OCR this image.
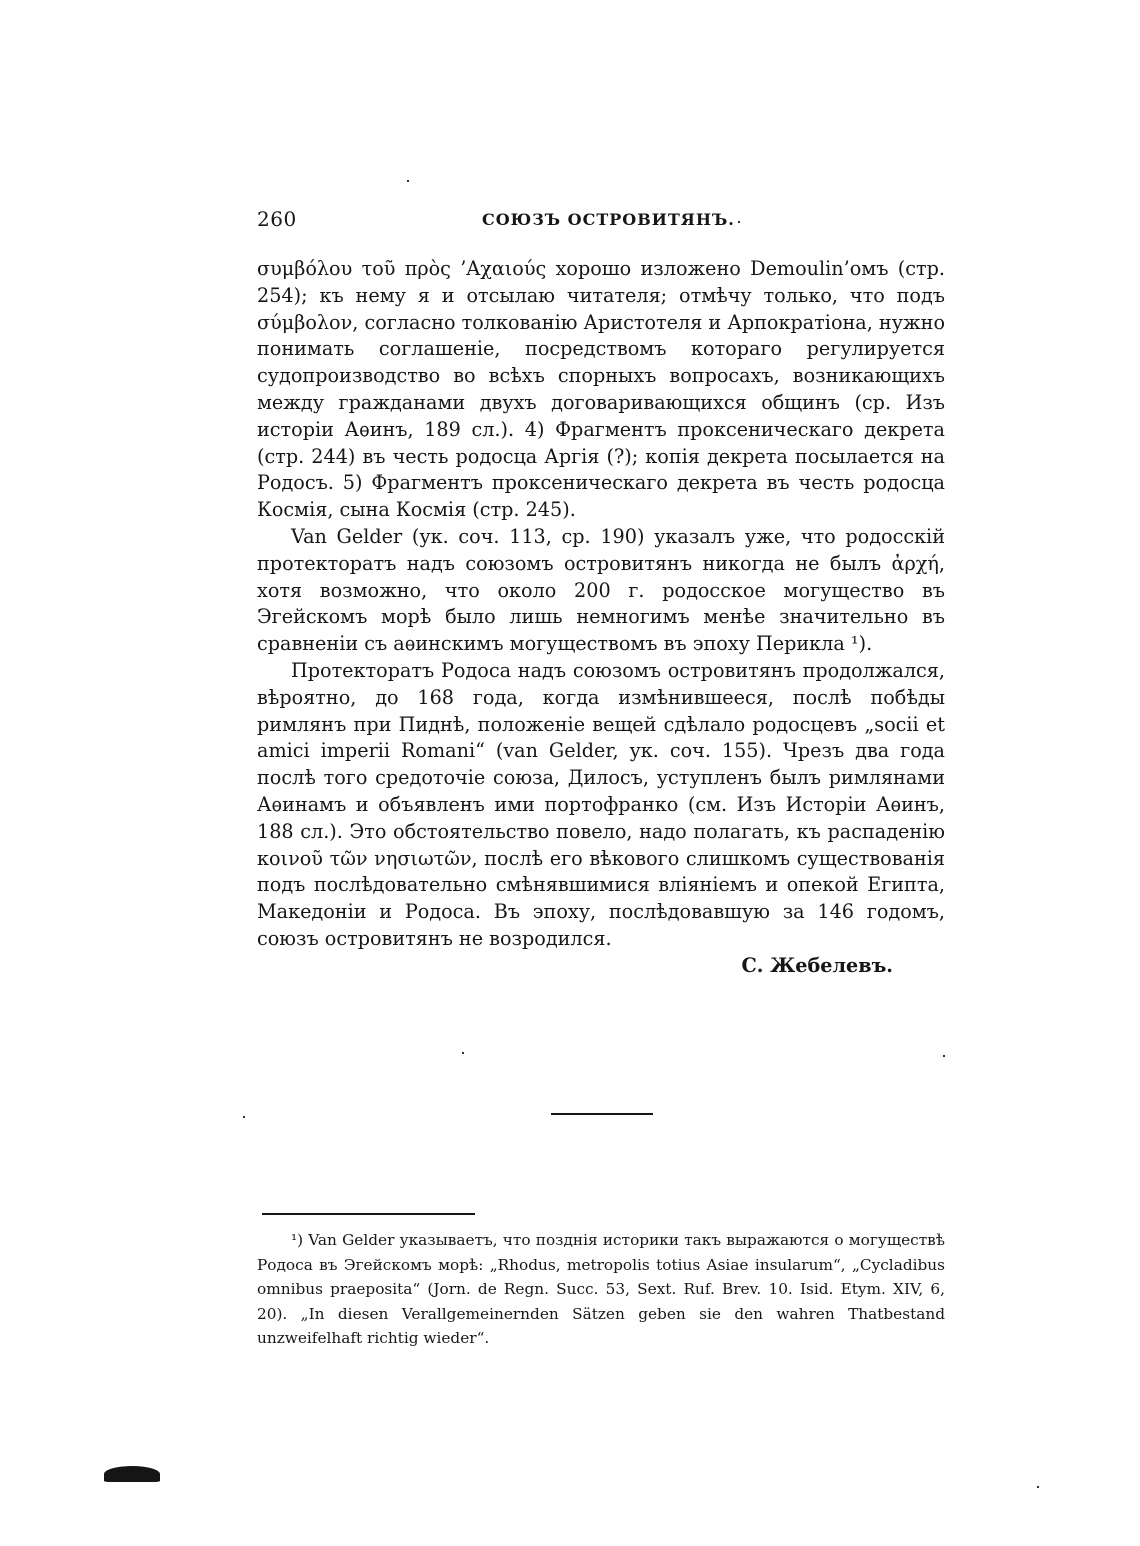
260	СОЮЗЪ ОСТРОВИТЯНЪ.

συμβόλου τοῦ πρὸς ’Αχαιούς хорошо изложено Demoulin’омъ (стр. 254); къ нему я и отсылаю читателя; отмѣчу только, что подъ σύμβολον, согласно толкованію Аристотеля и Арпократіона, нужно понимать соглашеніе, посредствомъ котораго регулируется судопроизводство во всѣхъ спорныхъ вопросахъ, возникающихъ между гражданами двухъ договаривающихся общинъ (ср. Изъ исторіи Аѳинъ, 189 сл.). 4) Фрагментъ проксеническаго декрета (стр. 244) въ честь родосца Аргія (?); копія декрета посылается на Родосъ. 5) Фрагментъ проксеническаго декрета въ честь родосца Космія, сына Космія (стр. 245).

Van Gelder (ук. соч. 113, ср. 190) указалъ уже, что родосскій протекторатъ надъ союзомъ островитянъ никогда не былъ ἀρχή, хотя возможно, что около 200 г. родосское могущество въ Эгейскомъ морѣ было лишь немногимъ менѣе значительно въ сравненіи съ аѳинскимъ могуществомъ въ эпоху Перикла ¹).

Протекторатъ Родоса надъ союзомъ островитянъ продолжался, вѣроятно, до 168 года, когда измѣнившееся, послѣ побѣды римлянъ при Пиднѣ, положеніе вещей сдѣлало родосцевъ „socii et amici imperii Romani“ (van Gelder, ук. соч. 155). Чрезъ два года послѣ того средоточіе союза, Дилосъ, уступленъ былъ римлянами Аѳинамъ и объявленъ ими портофранко (см. Изъ Исторіи Аѳинъ, 188 сл.). Это обстоятельство повело, надо полагать, къ распаденію κοινοῦ τῶν νησιωτῶν, послѣ его вѣкового слишкомъ существованія подъ послѣдовательно смѣнявшимися вліяніемъ и опекой Египта, Македоніи и Родоса. Въ эпоху, послѣдовавшую за 146 годомъ, союзъ островитянъ не возродился.

С. Жебелевъ.

¹) Van Gelder указываетъ, что позднія историки такъ выражаются о могуществѣ Родоса въ Эгейскомъ морѣ: „Rhodus, metropolis totius Asiae insularum“, „Cycladibus omnibus praeposita“ (Jorn. de Regn. Succ. 53, Sext. Ruf. Brev. 10. Isid. Etym. XIV, 6, 20). „In diesen Verallgemeinernden Sätzen geben sie den wahren Thatbestand unzweifelhaft richtig wieder“.
